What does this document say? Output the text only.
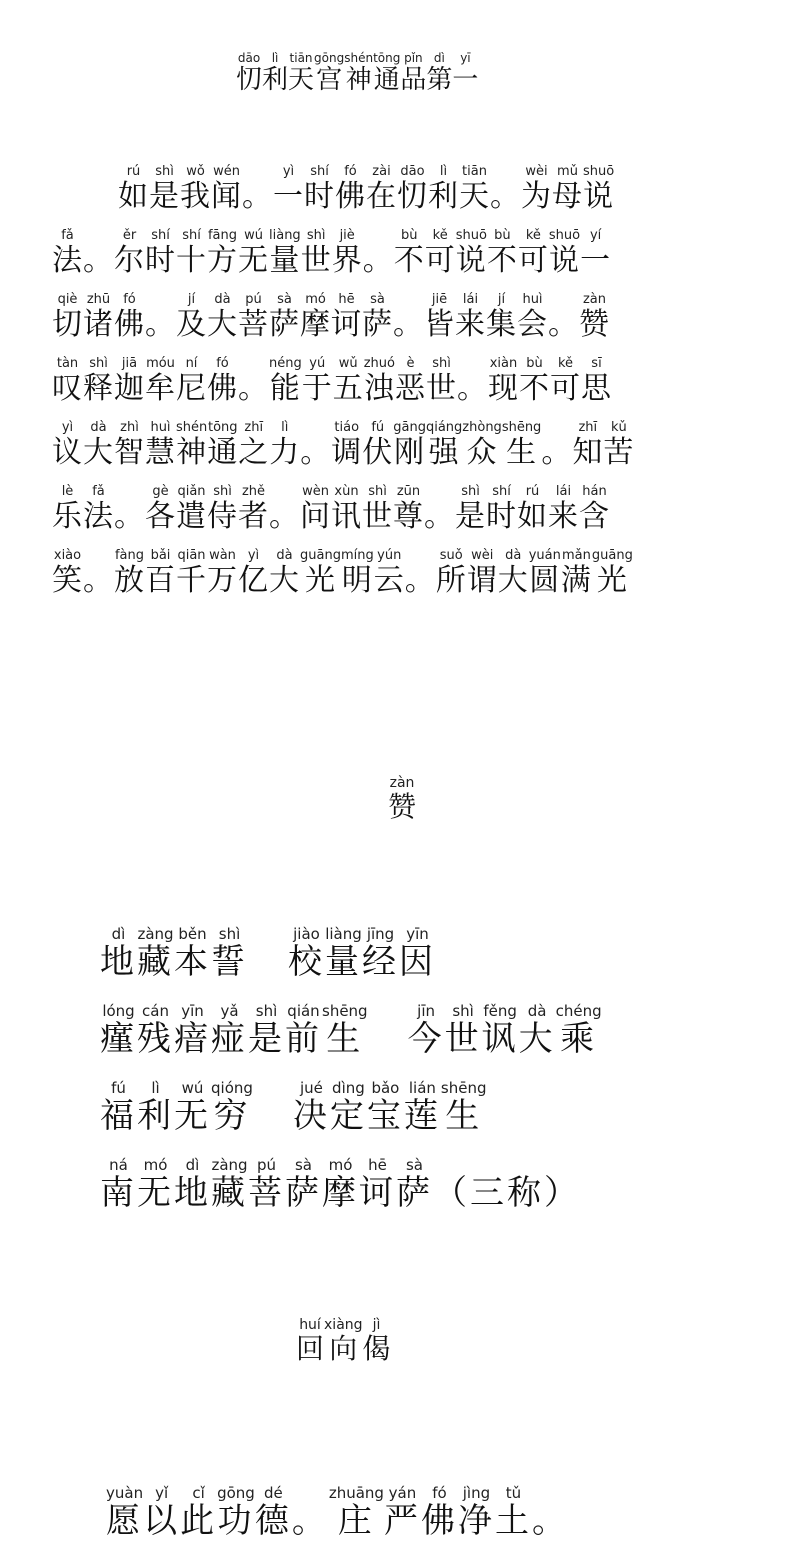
忉dāo
利lì
天tiān
宫gōng
神shén
通tōng
品pǐn
第dì
一yī
如rú
是shì
我wǒ
闻wén
。 一yì
时shí
佛fó
在zài
忉dāo
利lì
天tiān
。 为wèi
母mǔ
说shuō
法fǎ
。 尔ěr
时shí
十shí
方fāng
无wú
量liàng
世shì
界jiè
。 不bù
可kě
说shuō
不bù
可kě
说shuō
一yí
切qiè
诸zhū
佛fó
。 及jí
大dà
菩pú
萨sà
摩mó
诃hē
萨sà
。 皆jiē
来lái
集jí
会huì
。 赞zàn
叹tàn
释shì
迦jiā
牟móu
尼ní
佛fó
。 能néng
于yú
五wǔ
浊zhuó
恶è
世shì
。 现xiàn
不bù
可kě
思sī
议yì
大dà
智zhì
慧huì
神shén
通tōng
之zhī
力lì
。 调tiáo
伏fú
刚gāng
强qiáng
众zhòng
生shēng
。 知zhī
苦kǔ
乐lè
法fǎ
。 各gè
遣qiǎn
侍shì
者zhě
。 问wèn
讯xùn
世shì
尊zūn
。 是shì
时shí
如rú
来lái
含hán
笑xiào
。 放fàng
百bǎi
千qiān
万wàn
亿yì
大dà
光guāng
明míng
云yún
。 所suǒ
谓wèi
大dà
圆yuán
满mǎn
光guāng
赞zàn
地dì
藏zàng
本běn
誓shì
校jiào
量liàng
经jīng
因yīn
瘽lóng
残cán
瘖yīn
痖yǎ
是shì
前qián
生shēng
今jīn
世shì
讽fěng
大dà
乘chéng
福fú
利lì
无wú
穷qióng
决jué
定dìng
宝bǎo
莲lián
生shēng
南ná
无mó
地dì
藏zàng
菩pú
萨sà
摩mó
诃hē
萨sà
（三称）
回huí
向xiàng
偈jì
愿yuàn
以yǐ
此cǐ
功gōng
德dé
。 庄zhuāng
严yán
佛fó
净jìng
土tǔ
。
